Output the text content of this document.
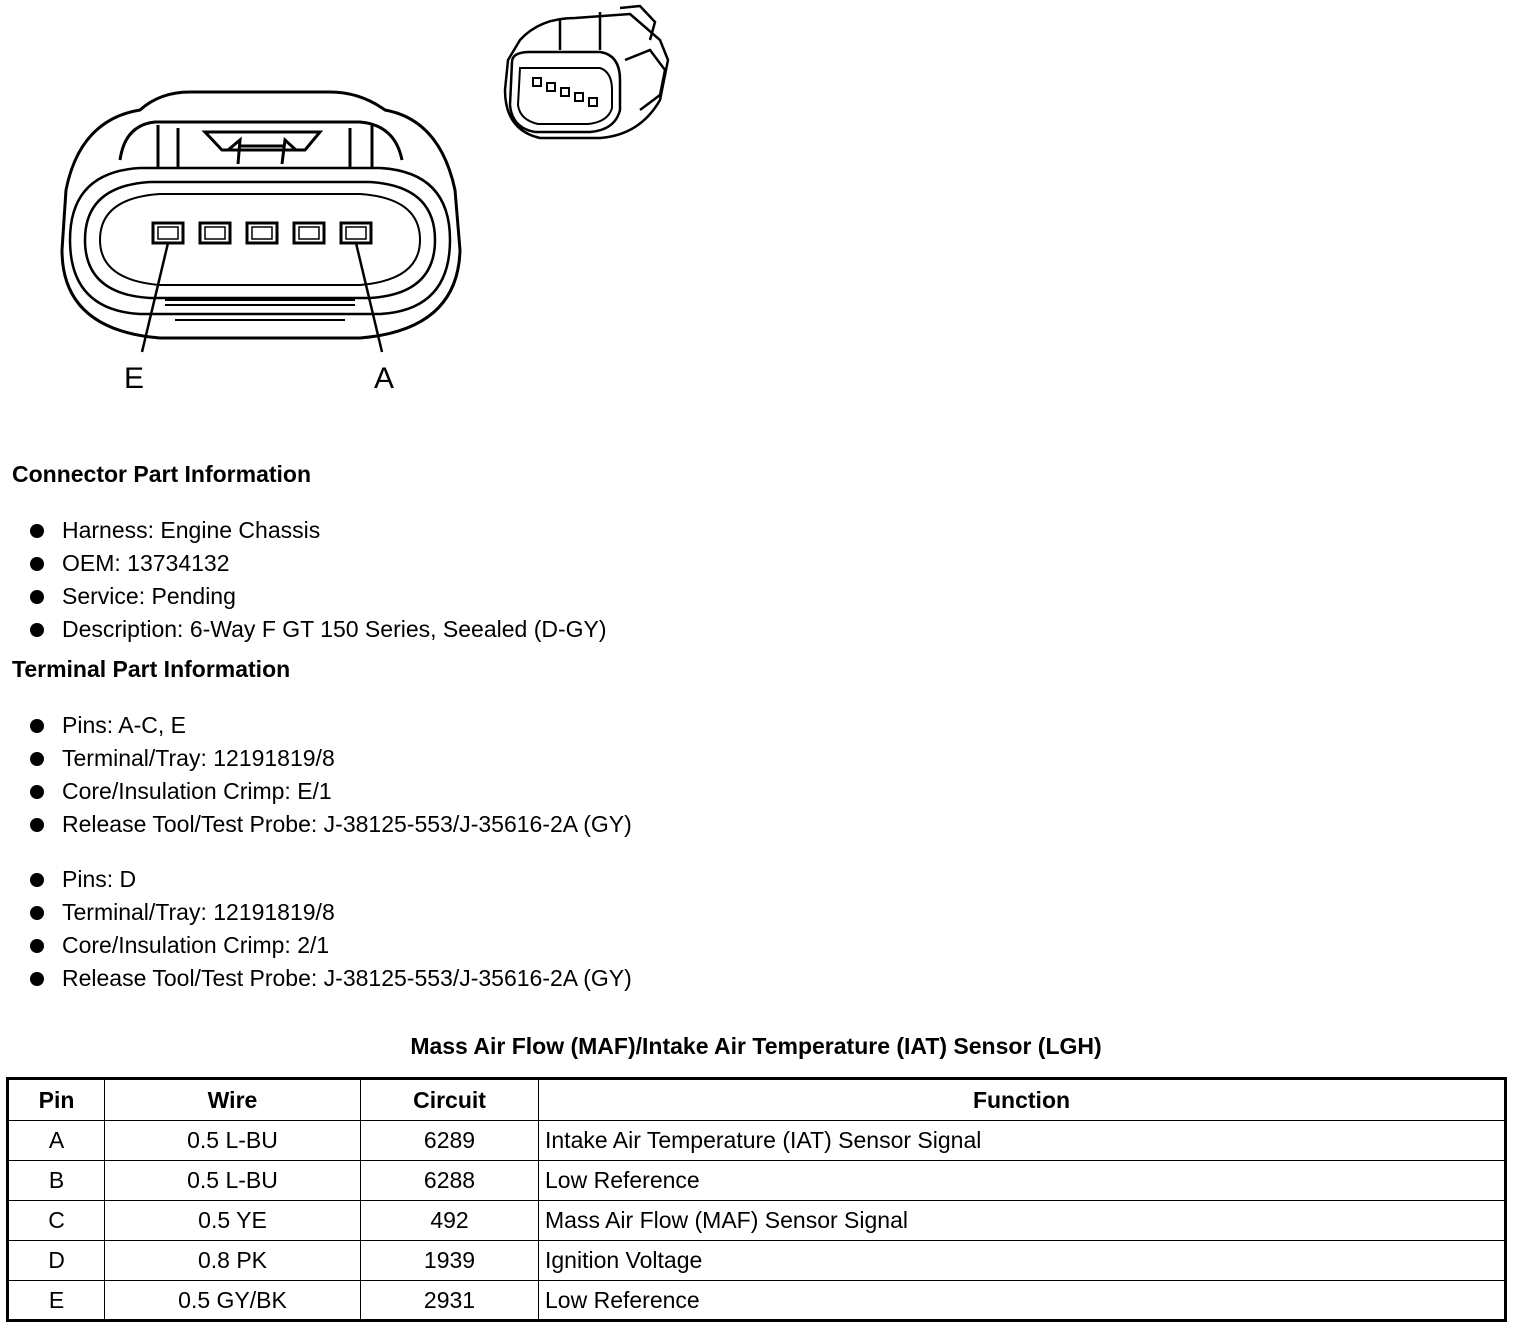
E	A
Connector Part Information
Harness: Engine Chassis
OEM: 13734132
Service: Pending
Description: 6-Way F GT 150 Series, Seealed (D-GY)
Terminal Part Information
Pins: A-C, E
Terminal/Tray: 12191819/8
Core/Insulation Crimp: E/1
Release Tool/Test Probe: J-38125-553/J-35616-2A (GY)
Pins: D
Terminal/Tray: 12191819/8
Core/Insulation Crimp: 2/1
Release Tool/Test Probe: J-38125-553/J-35616-2A (GY)
Mass Air Flow (MAF)/Intake Air Temperature (IAT) Sensor (LGH)
Pin	Wire	Circuit	Function
A	0.5 L-BU	6289	Intake Air Temperature (IAT) Sensor Signal
B	0.5 L-BU	6288	Low Reference
C	0.5 YE	492	Mass Air Flow (MAF) Sensor Signal
D	0.8 PK	1939	Ignition Voltage
E	0.5 GY/BK	2931	Low Reference
